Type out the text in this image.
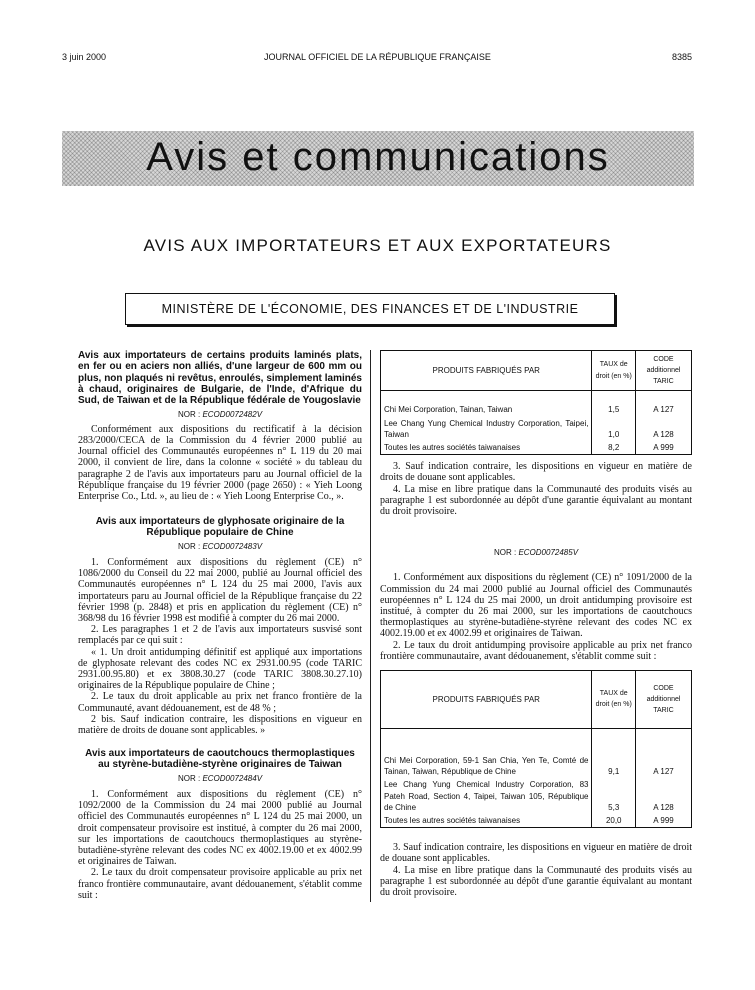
3 juin 2000	JOURNAL OFFICIEL DE LA RÉPUBLIQUE FRANÇAISE	8385
Avis et communications
AVIS AUX IMPORTATEURS ET AUX EXPORTATEURS
MINISTÈRE DE L'ÉCONOMIE, DES FINANCES ET DE L'INDUSTRIE
Avis aux importateurs de certains produits laminés plats, en fer ou en aciers non alliés, d'une largeur de 600 mm ou plus, non plaqués ni revêtus, enroulés, simplement laminés à chaud, originaires de Bulgarie, de l'Inde, d'Afrique du Sud, de Taiwan et de la République fédérale de Yougoslavie
NOR : ECOD0072482V

Conformément aux dispositions du rectificatif à la décision 283/2000/CECA de la Commission du 4 février 2000 publié au Journal officiel des Communautés européennes n° L 119 du 20 mai 2000, il convient de lire, dans la colonne « société » du tableau du paragraphe 2 de l'avis aux importateurs paru au Journal officiel de la République française du 19 février 2000 (page 2650) : « Yieh Loong Enterprise Co., Ltd. », au lieu de : « Yieh Loong Enterprise Co., ».

Avis aux importateurs de glyphosate originaire de la République populaire de Chine
NOR : ECOD0072483V

1. Conformément aux dispositions du règlement (CE) n° 1086/2000 du Conseil du 22 mai 2000, publié au Journal officiel des Communautés européennes n° L 124 du 25 mai 2000, l'avis aux importateurs paru au Journal officiel de la République française du 22 février 1998 (p. 2848) et pris en application du règlement (CE) n° 368/98 du 16 février 1998 est modifié à compter du 26 mai 2000.

2. Les paragraphes 1 et 2 de l'avis aux importateurs susvisé sont remplacés par ce qui suit :

« 1. Un droit antidumping définitif est appliqué aux importations de glyphosate relevant des codes NC ex 2931.00.95 (code TARIC 2931.00.95.80) et ex 3808.30.27 (code TARIC 3808.30.27.10) originaires de la République populaire de Chine ;

2. Le taux du droit applicable au prix net franco frontière de la Communauté, avant dédouanement, est de 48 % ;

2 bis. Sauf indication contraire, les dispositions en vigueur en matière de droits de douane sont applicables. »

Avis aux importateurs de caoutchoucs thermoplastiques au styrène-butadiène-styrène originaires de Taiwan
NOR : ECOD0072484V

1. Conformément aux dispositions du règlement (CE) n° 1092/2000 de la Commission du 24 mai 2000 publié au Journal officiel des Communautés européennes n° L 124 du 25 mai 2000, un droit compensateur provisoire est institué, à compter du 26 mai 2000, sur les importations de caoutchoucs thermoplastiques au styrène-butadiène-styrène relevant des codes NC ex 4002.19.00 et ex 4002.99 et originaires de Taiwan.

2. Le taux du droit compensateur provisoire applicable au prix net franco frontière communautaire, avant dédouanement, s'établit comme suit :

PRODUITS FABRIQUÉS PAR	TAUX de droit (en %)	CODE additionnel TARIC
Chi Mei Corporation, Tainan, Taiwan	1,5	A 127
Lee Chang Yung Chemical Industry Corporation, Taipei, Taiwan	1,0	A 128
Toutes les autres sociétés taiwanaises	8,2	A 999

3. Sauf indication contraire, les dispositions en vigueur en matière de droits de douane sont applicables.

4. La mise en libre pratique dans la Communauté des produits visés au paragraphe 1 est subordonnée au dépôt d'une garantie équivalant au montant du droit provisoire.

NOR : ECOD0072485V

1. Conformément aux dispositions du règlement (CE) n° 1091/2000 de la Commission du 24 mai 2000 publié au Journal officiel des Communautés européennes n° L 124 du 25 mai 2000, un droit antidumping provisoire est institué, à compter du 26 mai 2000, sur les importations de caoutchoucs thermoplastiques au styrène-butadiène-styrène relevant des codes NC ex 4002.19.00 et ex 4002.99 et originaires de Taiwan.

2. Le taux du droit antidumping provisoire applicable au prix net franco frontière communautaire, avant dédouanement, s'établit comme suit :

PRODUITS FABRIQUÉS PAR	TAUX de droit (en %)	CODE additionnel TARIC
Chi Mei Corporation, 59-1 San Chia, Yen Te, Comté de Tainan, Taiwan, République de Chine	9,1	A 127
Lee Chang Yung Chemical Industry Corporation, 83 Pateh Road, Section 4, Taipei, Taiwan 105, République de Chine	5,3	A 128
Toutes les autres sociétés taiwanaises	20,0	A 999

3. Sauf indication contraire, les dispositions en vigueur en matière de droit de douane sont applicables.

4. La mise en libre pratique dans la Communauté des produits visés au paragraphe 1 est subordonnée au dépôt d'une garantie équivalant au montant du droit provisoire.
